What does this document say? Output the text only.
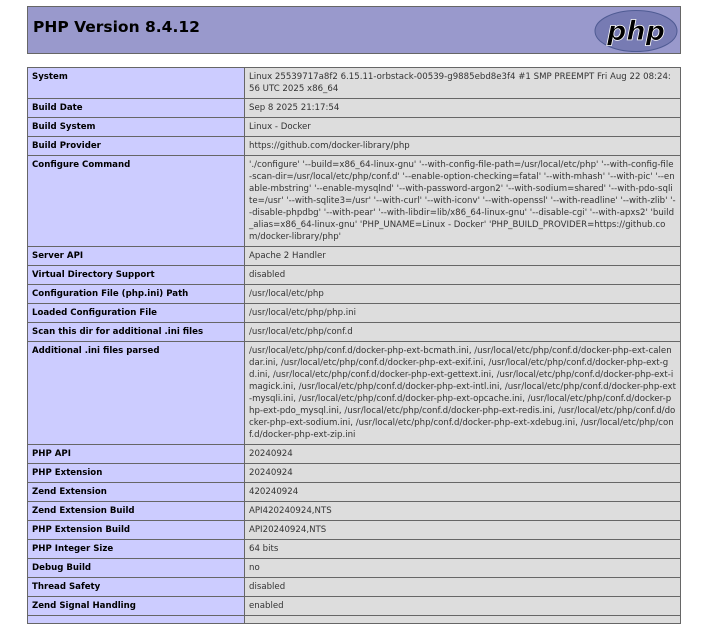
PHP Version 8.4.12	php
System	Linux 25539717a8f2 6.15.11-orbstack-00539-g9885ebd8e3f4 #1 SMP PREEMPT Fri Aug 22 08:24:56 UTC 2025 x86_64
Build Date	Sep 8 2025 21:17:54
Build System	Linux - Docker
Build Provider	https://github.com/docker-library/php
Configure Command	'./configure' '--build=x86_64-linux-gnu' '--with-config-file-path=/usr/local/etc/php' '--with-config-file-scan-dir=/usr/local/etc/php/conf.d' '--enable-option-checking=fatal' '--with-mhash' '--with-pic' '--enable-mbstring' '--enable-mysqlnd' '--with-password-argon2' '--with-sodium=shared' '--with-pdo-sqlite=/usr' '--with-sqlite3=/usr' '--with-curl' '--with-iconv' '--with-openssl' '--with-readline' '--with-zlib' '--disable-phpdbg' '--with-pear' '--with-libdir=lib/x86_64-linux-gnu' '--disable-cgi' '--with-apxs2' 'build_alias=x86_64-linux-gnu' 'PHP_UNAME=Linux - Docker' 'PHP_BUILD_PROVIDER=https://github.com/docker-library/php'
Server API	Apache 2 Handler
Virtual Directory Support	disabled
Configuration File (php.ini) Path	/usr/local/etc/php
Loaded Configuration File	/usr/local/etc/php/php.ini
Scan this dir for additional .ini files	/usr/local/etc/php/conf.d
Additional .ini files parsed	/usr/local/etc/php/conf.d/docker-php-ext-bcmath.ini, /usr/local/etc/php/conf.d/docker-php-ext-calendar.ini, /usr/local/etc/php/conf.d/docker-php-ext-exif.ini, /usr/local/etc/php/conf.d/docker-php-ext-gd.ini, /usr/local/etc/php/conf.d/docker-php-ext-gettext.ini, /usr/local/etc/php/conf.d/docker-php-ext-imagick.ini, /usr/local/etc/php/conf.d/docker-php-ext-intl.ini, /usr/local/etc/php/conf.d/docker-php-ext-mysqli.ini, /usr/local/etc/php/conf.d/docker-php-ext-opcache.ini, /usr/local/etc/php/conf.d/docker-php-ext-pdo_mysql.ini, /usr/local/etc/php/conf.d/docker-php-ext-redis.ini, /usr/local/etc/php/conf.d/docker-php-ext-sodium.ini, /usr/local/etc/php/conf.d/docker-php-ext-xdebug.ini, /usr/local/etc/php/conf.d/docker-php-ext-zip.ini
PHP API	20240924
PHP Extension	20240924
Zend Extension	420240924
Zend Extension Build	API420240924,NTS
PHP Extension Build	API20240924,NTS
PHP Integer Size	64 bits
Debug Build	no
Thread Safety	disabled
Zend Signal Handling	enabled
